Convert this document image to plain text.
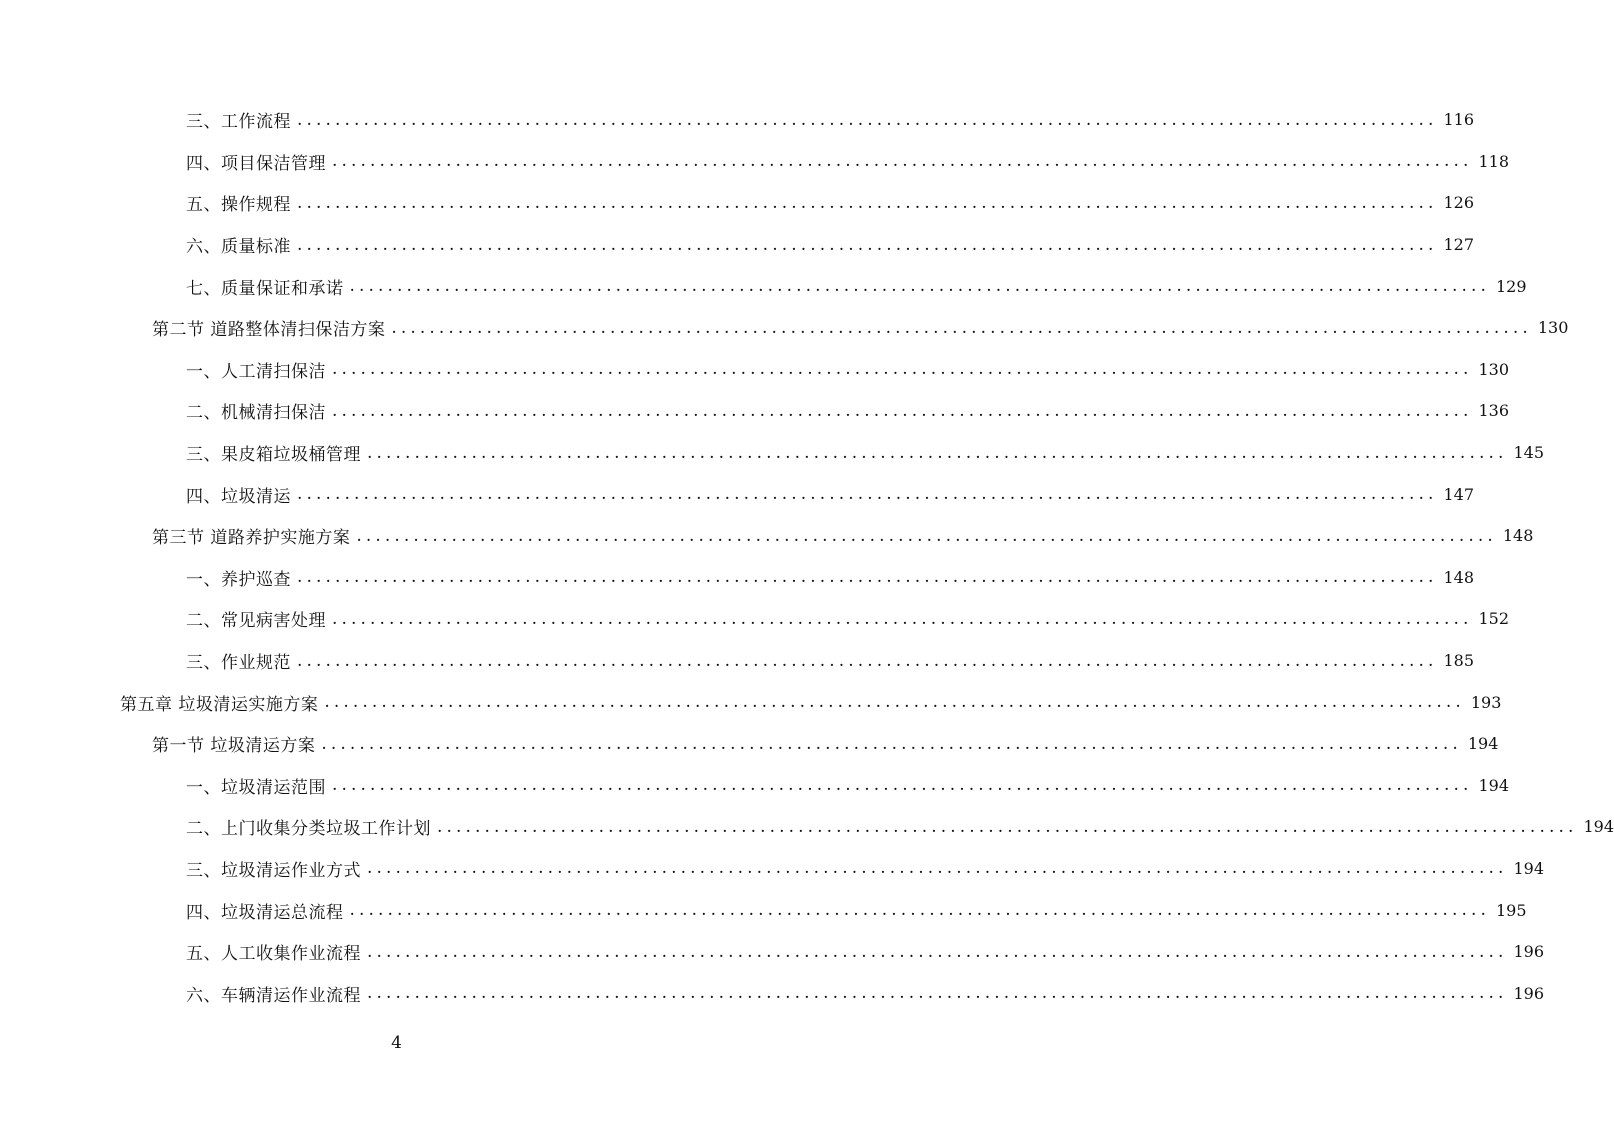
三、工作流程 ........................................................................................................................ 116
四、项目保洁管理 ........................................................................................................................ 118
五、操作规程 ........................................................................................................................ 126
六、质量标准 ........................................................................................................................ 127
七、质量保证和承诺 ........................................................................................................................ 129
第二节 道路整体清扫保洁方案 ........................................................................................................................ 130
一、人工清扫保洁 ........................................................................................................................ 130
二、机械清扫保洁 ........................................................................................................................ 136
三、果皮箱垃圾桶管理 ........................................................................................................................ 145
四、垃圾清运 ........................................................................................................................ 147
第三节 道路养护实施方案 ........................................................................................................................ 148
一、养护巡查 ........................................................................................................................ 148
二、常见病害处理 ........................................................................................................................ 152
三、作业规范 ........................................................................................................................ 185
第五章 垃圾清运实施方案 ........................................................................................................................ 193
第一节 垃圾清运方案 ........................................................................................................................ 194
一、垃圾清运范围 ........................................................................................................................ 194
二、上门收集分类垃圾工作计划 ........................................................................................................................ 194
三、垃圾清运作业方式 ........................................................................................................................ 194
四、垃圾清运总流程 ........................................................................................................................ 195
五、人工收集作业流程 ........................................................................................................................ 196
六、车辆清运作业流程 ........................................................................................................................ 196
4
